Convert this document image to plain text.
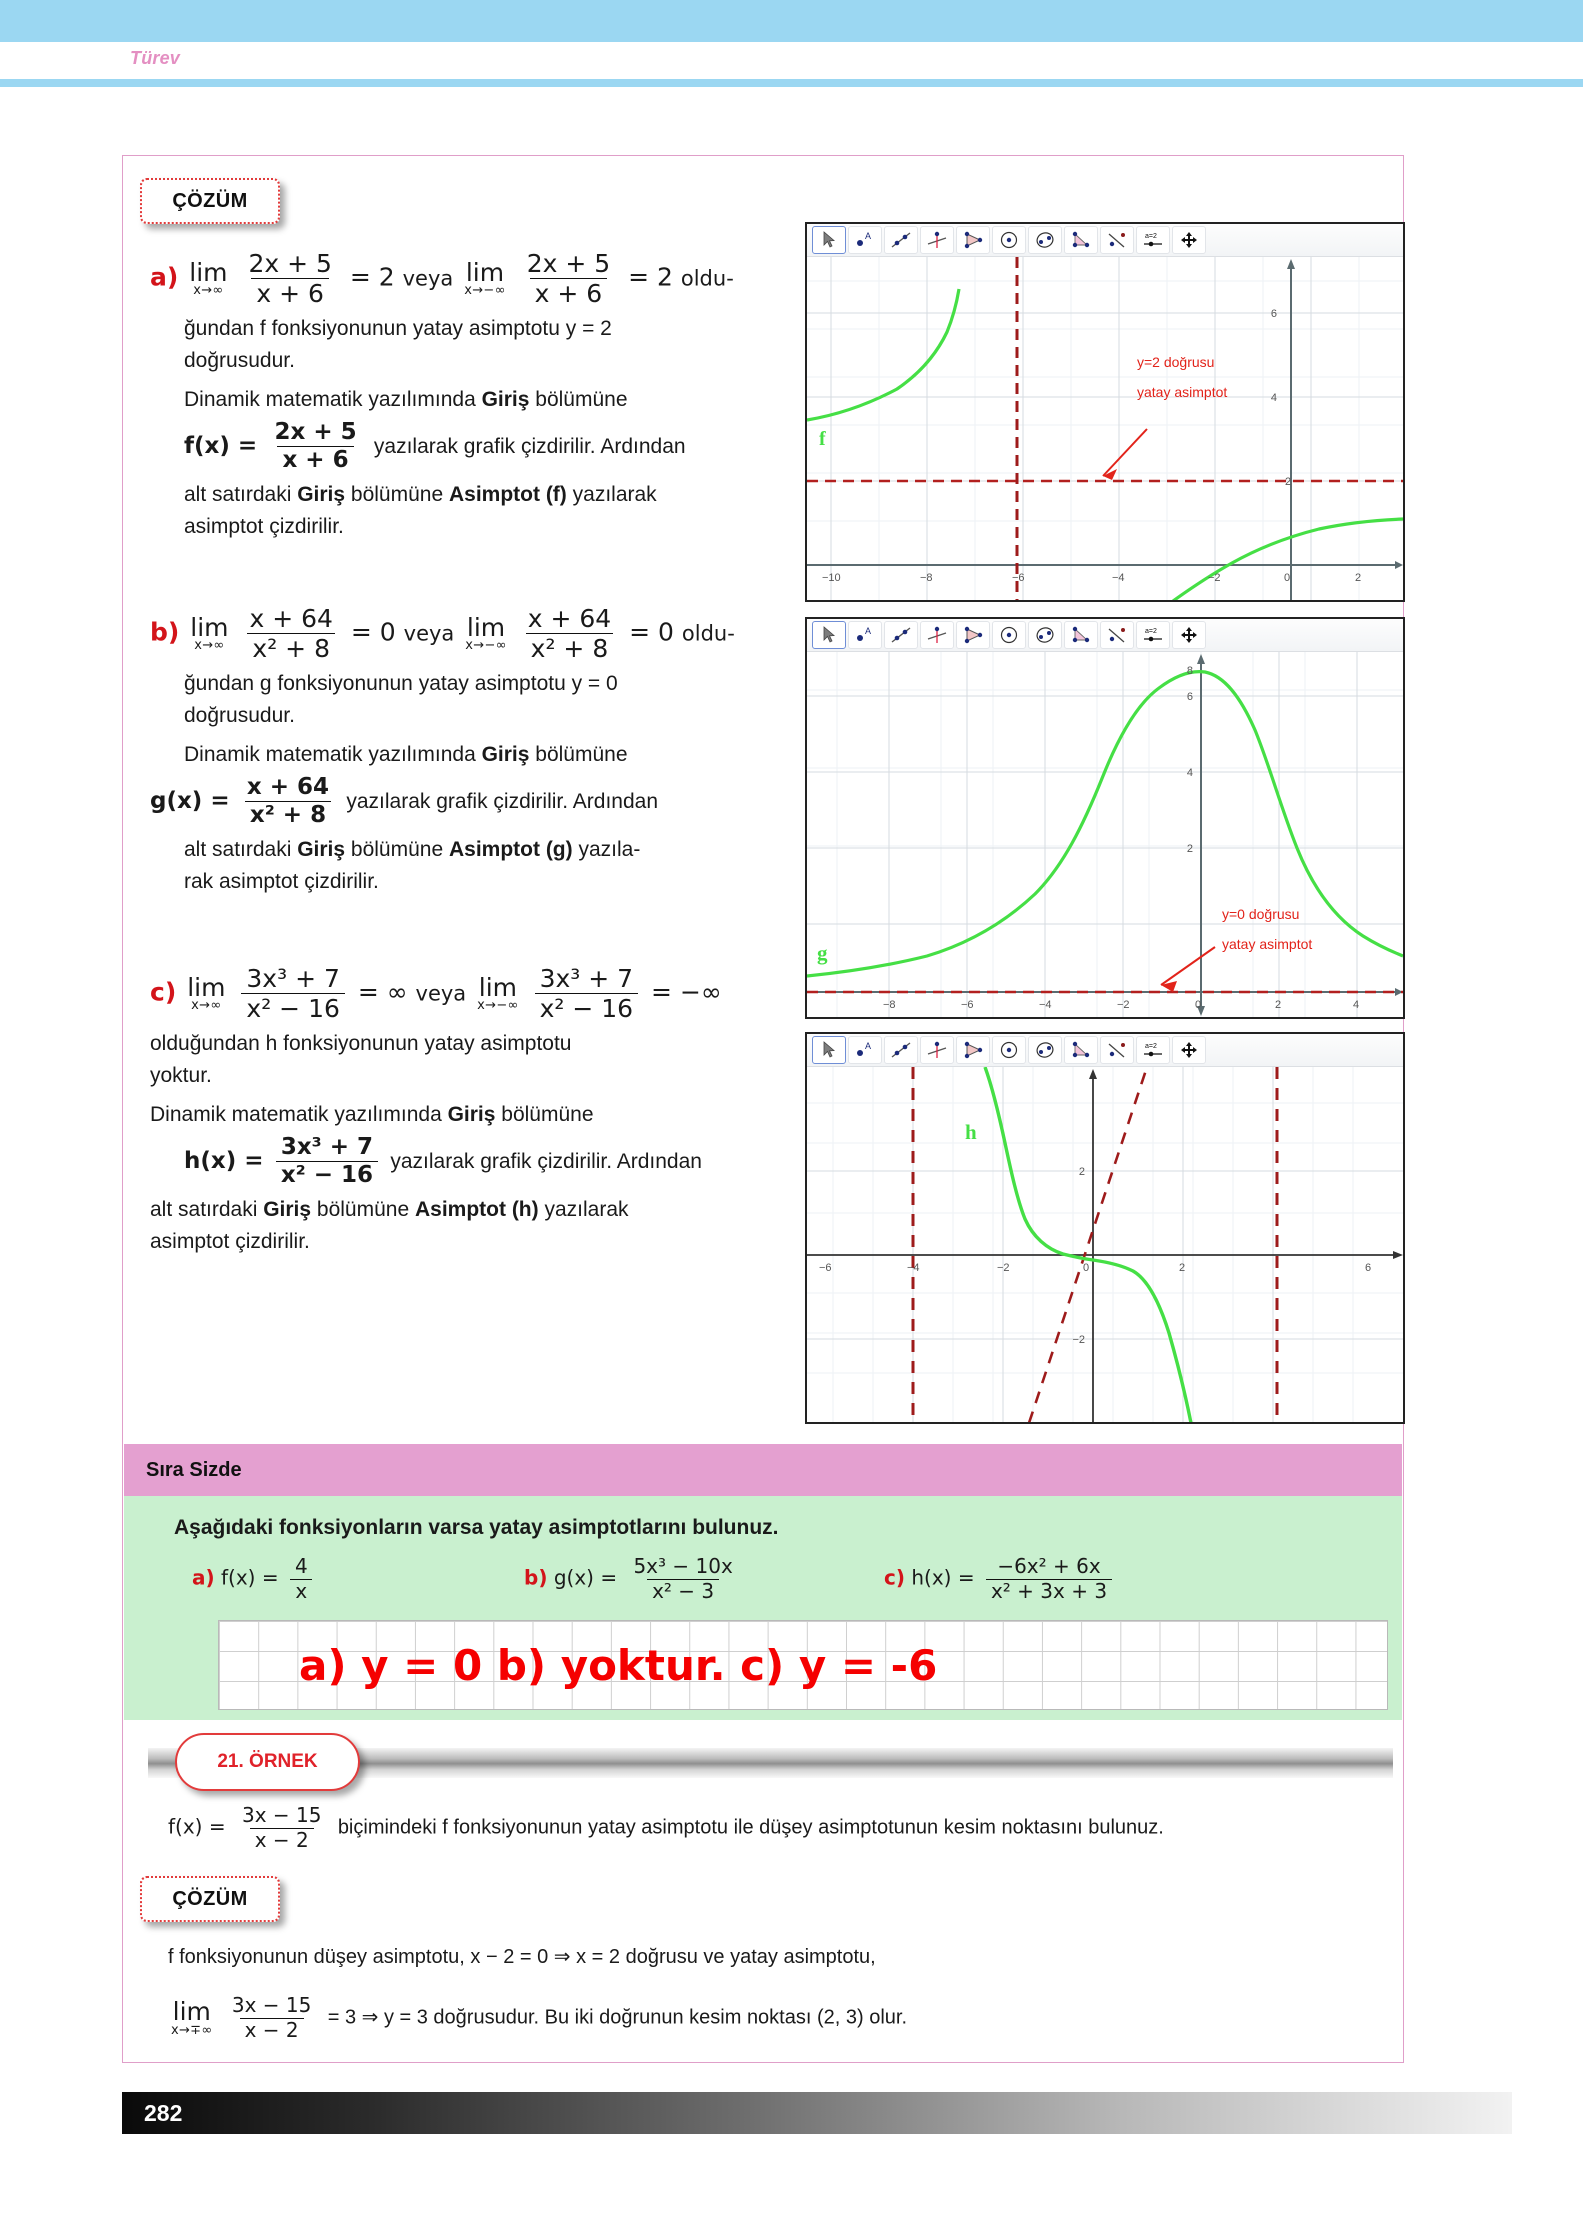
Türev
ÇÖZÜM
a) lim
x→∞
$\frac{2x + 5}{x + 6} = 2$ veya lim
x→−∞
$\frac{2x + 5}{x + 6} = 2$ oldu-
ğundan f fonksiyonunun yatay asimptotu y = 2
doğrusudur.
Dinamik matematik yazılımında Giriş bölümüne
$f(x) = \frac{2x + 5}{x + 6}$ yazılarak grafik çizdirilir. Ardından
alt satırdaki Giriş bölümüne Asimptot (f) yazılarak
asimptot çizdirilir.
b) lim
x→∞
$\frac{x + 64}{\text{x² + 8}} = 0$ veya lim
x→−∞
$\frac{x + 64}{\text{x² + 8}} = 0$ oldu-
ğundan g fonksiyonunun yatay asimptotu y = 0
doğrusudur.
Dinamik matematik yazılımında Giriş bölümüne
$g(x) = \frac{x + 64}{\text{x² + 8}}$ yazılarak grafik çizdirilir. Ardından
alt satırdaki Giriş bölümüne Asimptot (g) yazıla-
rak asimptot çizdirilir.
c) lim
x→∞
$\frac{\text{3x³ + 7}}{\text{x² − 16}}$ = ∞ veya lim
x→−∞
$\frac{\text{3x³ + 7}}{\text{x² − 16}}$ = −∞
olduğundan h fonksiyonunun yatay asimptotu
yoktur.
Dinamik matematik yazılımında Giriş bölümüne
$h(x) = \frac{\text{3x³ + 7}}{\text{x² − 16}}$ yazılarak grafik çizdirilir. Ardından
alt satırdaki Giriş bölümüne Asimptot (h) yazılarak
asimptot çizdirilir.
A	a=2
−10	−8	−6	−4	−2	0	2
6
4
2
f
y=2 doğrusu
yatay asimptot
A	a=2
−8	−6	−4	−2	0	2	4
8
6
4
2
g
y=0 doğrusu
yatay asimptot
A	a=2
−6	−4	−2	0	2	6
2
−2
h
Sıra Sizde
Aşağıdaki fonksiyonların varsa yatay asimptotlarını bulunuz.
a) $f(x) = \frac{4}{x}$	b) $g(x) = \frac{\text{5x³ − 10x}}{\text{x² − 3}}$	c) $h(x) = \frac{\text{−6x² + 6x}}{\text{x² + 3x + 3}}$
a) y = 0 b) yoktur. c) y = -6
21. ÖRNEK
$f(x) = \frac{3x - 15}{x - 2}$ biçimindeki f fonksiyonunun yatay asimptotu ile düşey asimptotunun kesim noktasını bulunuz.
ÇÖZÜM
f fonksiyonunun düşey asimptotu, x − 2 = 0 ⇒ x = 2 doğrusu ve yatay asimptotu,
lim
x→∓∞
$\frac{3x - 15}{x - 2} = 3$ ⇒ y = 3 doğrusudur. Bu iki doğrunun kesim noktası (2, 3) olur.
282
